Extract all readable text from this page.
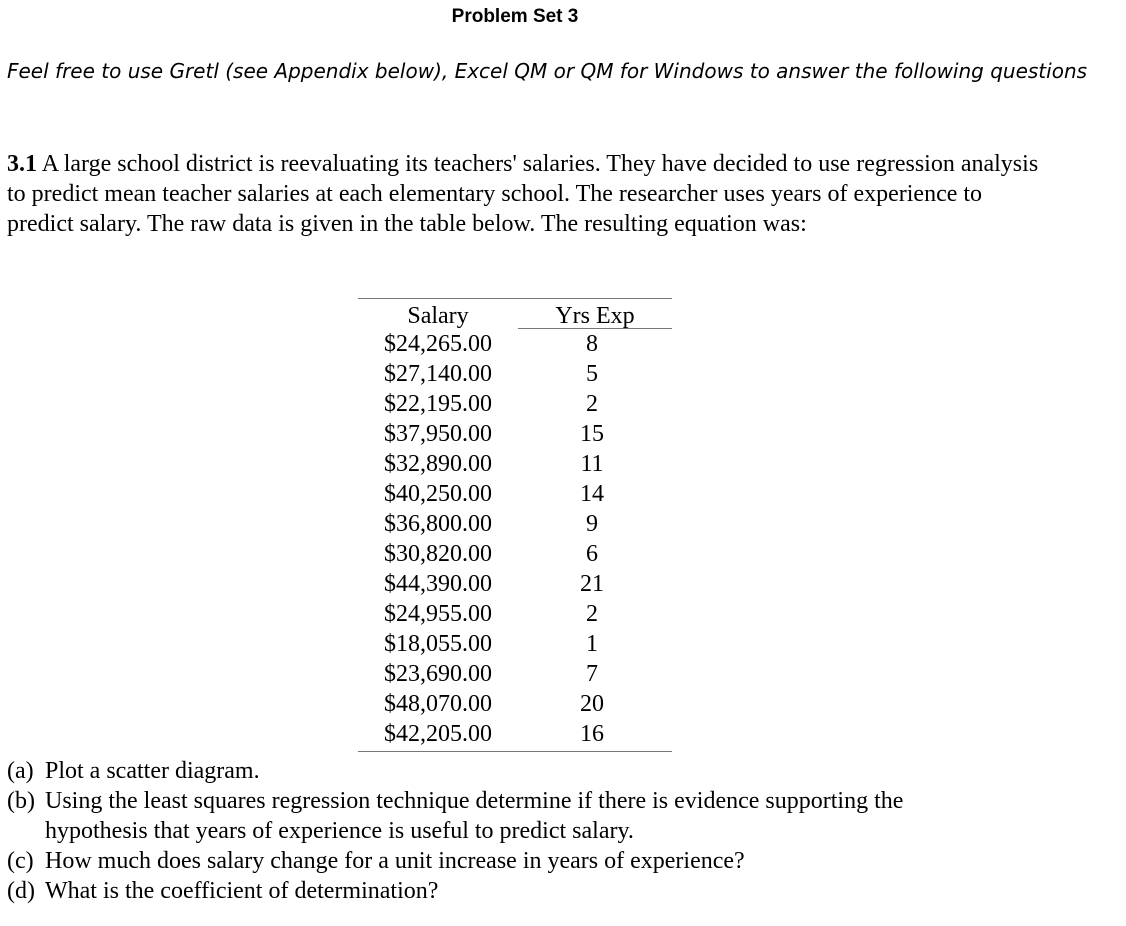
Problem Set 3
Feel free to use Gretl (see Appendix below), Excel QM or QM for Windows to answer the following questions
3.1 A large school district is reevaluating its teachers' salaries. They have decided to use regression analysis to predict mean teacher salaries at each elementary school. The researcher uses years of experience to predict salary. The raw data is given in the table below. The resulting equation was:
Salary	Yrs Exp
$24,265.00	8
$27,140.00	5
$22,195.00	2
$37,950.00	15
$32,890.00	11
$40,250.00	14
$36,800.00	9
$30,820.00	6
$44,390.00	21
$24,955.00	2
$18,055.00	1
$23,690.00	7
$48,070.00	20
$42,205.00	16
(a) Plot a scatter diagram.
(b) Using the least squares regression technique determine if there is evidence supporting the hypothesis that years of experience is useful to predict salary.
(c) How much does salary change for a unit increase in years of experience?
(d) What is the coefficient of determination?
